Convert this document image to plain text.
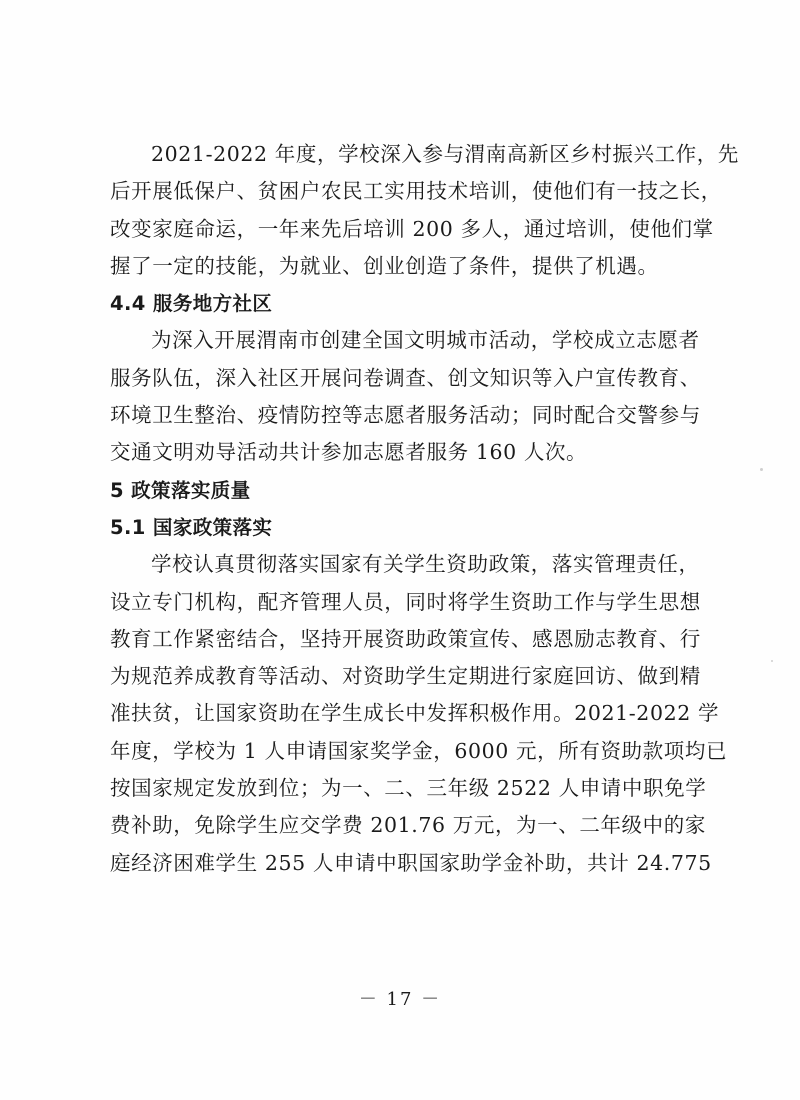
2021-2022 年度，学校深入参与渭南高新区乡村振兴工作，先
后开展低保户、贫困户农民工实用技术培训，使他们有一技之长，
改变家庭命运，一年来先后培训 200 多人，通过培训，使他们掌
握了一定的技能，为就业、创业创造了条件，提供了机遇。
4.4 服务地方社区
为深入开展渭南市创建全国文明城市活动，学校成立志愿者
服务队伍，深入社区开展问卷调查、创文知识等入户宣传教育、
环境卫生整治、疫情防控等志愿者服务活动；同时配合交警参与
交通文明劝导活动共计参加志愿者服务 160 人次。
5 政策落实质量
5.1 国家政策落实
学校认真贯彻落实国家有关学生资助政策，落实管理责任，
设立专门机构，配齐管理人员，同时将学生资助工作与学生思想
教育工作紧密结合，坚持开展资助政策宣传、感恩励志教育、行
为规范养成教育等活动、对资助学生定期进行家庭回访、做到精
准扶贫，让国家资助在学生成长中发挥积极作用。2021-2022 学
年度，学校为 1 人申请国家奖学金，6000 元，所有资助款项均已
按国家规定发放到位；为一、二、三年级 2522 人申请中职免学
费补助，免除学生应交学费 201.76 万元，为一、二年级中的家
庭经济困难学生 255 人申请中职国家助学金补助，共计 24.775
－ 17 －
